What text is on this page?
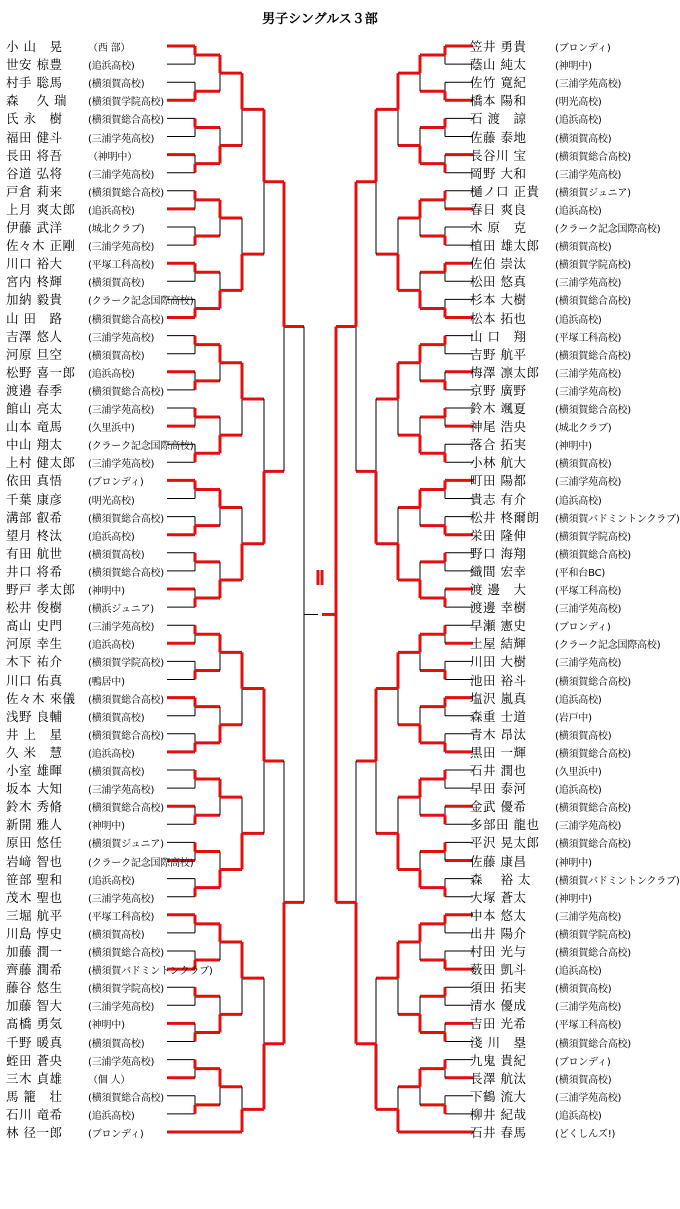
男子シングルス３部
小 山　晃	（西 部）
世安 椋豊	(追浜高校)
村手 聡馬	(横須賀高校)
森　 久 瑞 (横須賀学院高校)
氏 永　樹	(横須賀総合高校)
福田 健斗	(三浦学苑高校)
長田 将吾	（神明中）
谷道 弘将	(三浦学苑高校)
戸倉 莉来	(横須賀総合高校)
上月 爽太郎 (追浜高校)
伊藤 武洋	(城北クラブ)
佐々木 正剛 (三浦学苑高校)
川口 裕大	(平塚工科高校)
宮内 柊輝	(横須賀高校)
加納 毅貴	(クラーク記念国際高校)
山 田　路	(横須賀総合高校)
吉澤 悠人	(三浦学苑高校)
河原 旦空	(横須賀高校)
松野 喜一郎 (追浜高校)
渡邉 春季	(横須賀総合高校)
館山 亮太	(三浦学苑高校)
山本 竜馬	(久里浜中)
中山 翔太	(クラーク記念国際高校)
上村 健太郎 (三浦学苑高校)
依田 真悟	(ブロンディ)
千葉 康彦	(明光高校)
溝部 叡希	(横須賀総合高校)
望月 柊汰	(追浜高校)
有田 航世	(横須賀高校)
井口 将希	(横須賀総合高校)
野戸 孝太郎 (神明中)
松井 俊樹	(横浜ジュニア)
髙山 史門	(三浦学苑高校)
河原 幸生	(追浜高校)
木下 祐介	(横須賀学院高校)
川口 佑真	(鴨居中)
佐々木 來儀 (横須賀総合高校)
浅野 良輔	(横須賀高校)
井 上　星	(横須賀総合高校)
久 米　慧	(追浜高校)
小室 雄暉	(横須賀高校)
坂本 大知	(三浦学苑高校)
鈴木 秀脩	(横須賀総合高校)
新開 雅人	(神明中)
原田 悠任	(横須賀ジュニア)
岩﨑 智也	(クラーク記念国際高校)
笹部 聖和	(追浜高校)
茂木 聖也	(三浦学苑高校)
三堀 航平	(平塚工科高校)
川島 惇史	(横須賀高校)
加藤 潤一	(横須賀総合高校)
齊藤 潤希	(横須賀バドミントンクラブ)
藤谷 悠生	(横須賀学院高校)
加藤 智大	(三浦学苑高校)
髙橋 勇気	(神明中)
千野 暖真	(横須賀高校)
蛭田 蒼央	(三浦学苑高校)
三木 貞雄	（個 人）
馬 籠　壮	(横須賀総合高校)
石川 竜希	(追浜高校)
林 径一郎	(ブロンディ)
笠井 勇貴	(ブロンディ)
蔭山 純太	(神明中)
佐竹 寛紀	(三浦学苑高校)
橋本 陽和	(明光高校)
石 渡　諒	(追浜高校)
佐藤 泰地	(横須賀高校)
長谷川 宝	(横須賀総合高校)
岡野 大和	(三浦学苑高校)
樋ノ口 正貴 (横須賀ジュニア)
春日 爽良	(追浜高校)
木 原　克	(クラーク記念国際高校)
植田 雄太郎 (横須賀高校)
佐伯 崇汰	(横須賀学院高校)
松田 悠真	(三浦学苑高校)
杉本 大樹	(横須賀総合高校)
松本 拓也	(追浜高校)
山 口　翔	(平塚工科高校)
吉野 航平	(横須賀総合高校)
梅澤 凛太郎 (三浦学苑高校)
京野 廣野	(三浦学苑高校)
鈴木 颯夏	(横須賀総合高校)
神尾 浩央	(城北クラブ)
落合 拓実	(神明中)
小林 航大	(横須賀高校)
町田 陽都	(三浦学苑高校)
貴志 有介	(追浜高校)
松井 柊爾朗 (横須賀バドミントンクラブ)
栄田 隆伸	(横須賀学院高校)
野口 海翔	(横須賀総合高校)
織間 宏幸	(平和台BC)
渡 邊　大	(平塚工科高校)
渡邊 幸樹	(三浦学苑高校)
早瀬 憲史	(ブロンディ)
土屋 結輝	(クラーク記念国際高校)
川田 大樹	(三浦学苑高校)
池田 裕斗	(横須賀総合高校)
塩沢 嵐真	(追浜高校)
森重 士道	(岩戸中)
青木 昂汰	(横須賀高校)
黒田 一輝	(横須賀総合高校)
石井 潤也	(久里浜中)
早田 泰河	(追浜高校)
金武 優希	(横須賀総合高校)
多部田 龍也 (三浦学苑高校)
平沢 晃太郎 (横須賀総合高校)
佐藤 康昌	(神明中)
森　 裕 太 (横須賀バドミントンクラブ)
大塚 蒼太	(神明中)
中本 悠太	(三浦学苑高校)
出井 陽介	(横須賀学院高校)
村田 光与	(横須賀総合高校)
薮田 凱斗	(追浜高校)
須田 拓実	(横須賀高校)
清水 優成	(三浦学苑高校)
吉田 光希	(平塚工科高校)
淺 川　塁	(横須賀総合高校)
九鬼 貴紀	(ブロンディ)
長澤 航汰	(横須賀高校)
下鶴 流大	(三浦学苑高校)
柳井 紀哉	(追浜高校)
石井 春馬	(どくしんズ!)
